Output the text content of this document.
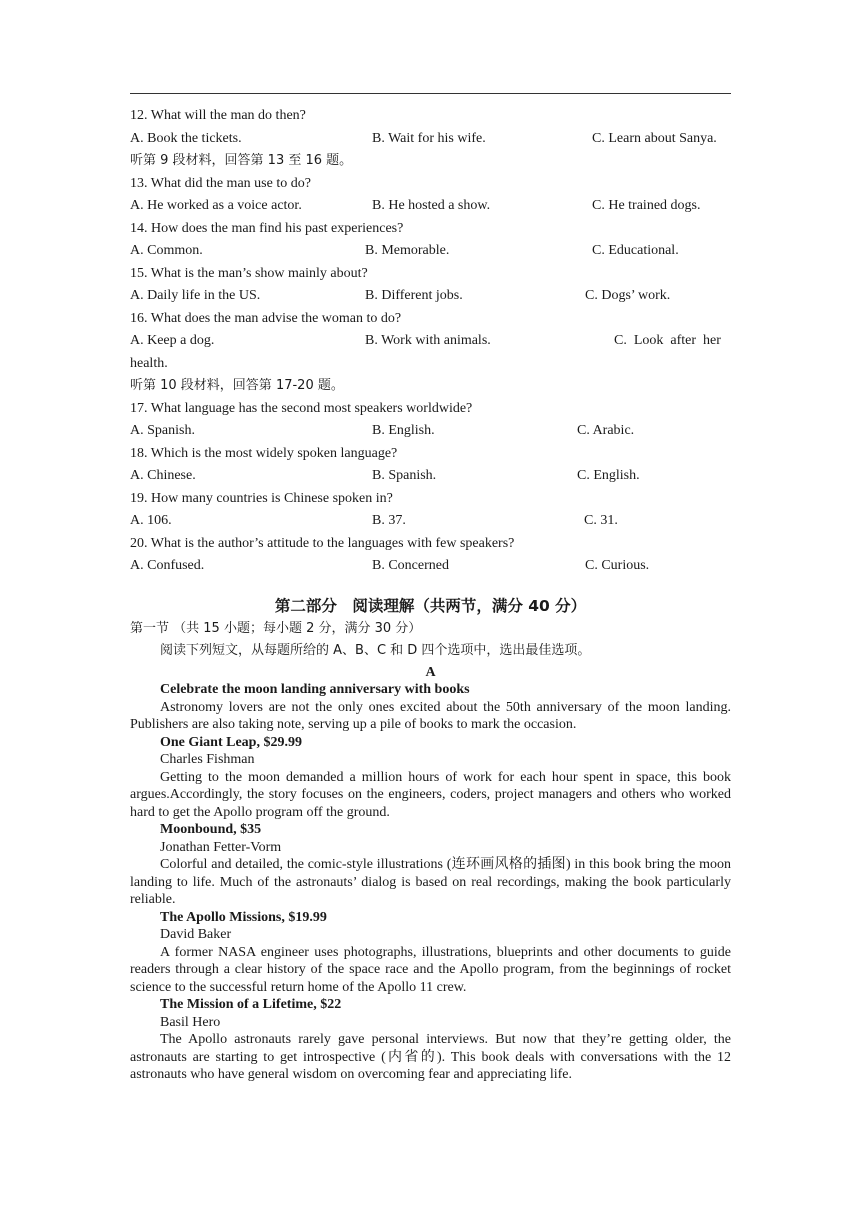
12. What will the man do then?
A. Book the tickets.	B. Wait for his wife.	C. Learn about Sanya.
听第 9 段材料，回答第 13 至 16 题。
13. What did the man use to do?
A. He worked as a voice actor.	B. He hosted a show.	C. He trained dogs.
14. How does the man find his past experiences?
A. Common.	B. Memorable.	C. Educational.
15. What is the man’s show mainly about?
A. Daily life in the US.	B. Different jobs.	C. Dogs’ work.
16. What does the man advise the woman to do?
A. Keep a dog.	B. Work with animals.	C.  Look  after  her
health.
听第 10 段材料，回答第 17-20 题。
17. What language has the second most speakers worldwide?
A. Spanish.	B. English.	C. Arabic.
18. Which is the most widely spoken language?
A. Chinese.	B. Spanish.	C. English.
19. How many countries is Chinese spoken in?
A. 106.	B. 37.	C. 31.
20. What is the author’s attitude to the languages with few speakers?
A. Confused.	B. Concerned	C. Curious.
第二部分　阅读理解（共两节，满分 40 分）
第一节 （共 15 小题；每小题 2 分，满分 30 分）
阅读下列短文，从每题所给的 A、B、C 和 D 四个选项中，选出最佳选项。
A
Celebrate the moon landing anniversary with books

Astronomy lovers are not the only ones excited about the 50th anniversary of the moon landing. Publishers are also taking note, serving up a pile of books to mark the occasion.

One Giant Leap, $29.99
Charles Fishman

Getting to the moon demanded a million hours of work for each hour spent in space, this book argues.Accordingly, the story focuses on the engineers, coders, project managers and others who worked hard to get the Apollo program off the ground.

Moonbound, $35
Jonathan Fetter-Vorm

Colorful and detailed, the comic-style illustrations (连环画风格的插图) in this book bring the moon landing to life. Much of the astronauts’ dialog is based on real recordings, making the book particularly reliable.

The Apollo Missions, $19.99
David Baker

A former NASA engineer uses photographs, illustrations, blueprints and other documents to guide readers through a clear history of the space race and the Apollo program, from the beginnings of rocket science to the successful return home of the Apollo 11 crew.

The Mission of a Lifetime, $22
Basil Hero

The Apollo astronauts rarely gave personal interviews. But now that they’re getting older, the astronauts are starting to get introspective (内省的). This book deals with conversations with the 12 astronauts who have general wisdom on overcoming fear and appreciating life.
